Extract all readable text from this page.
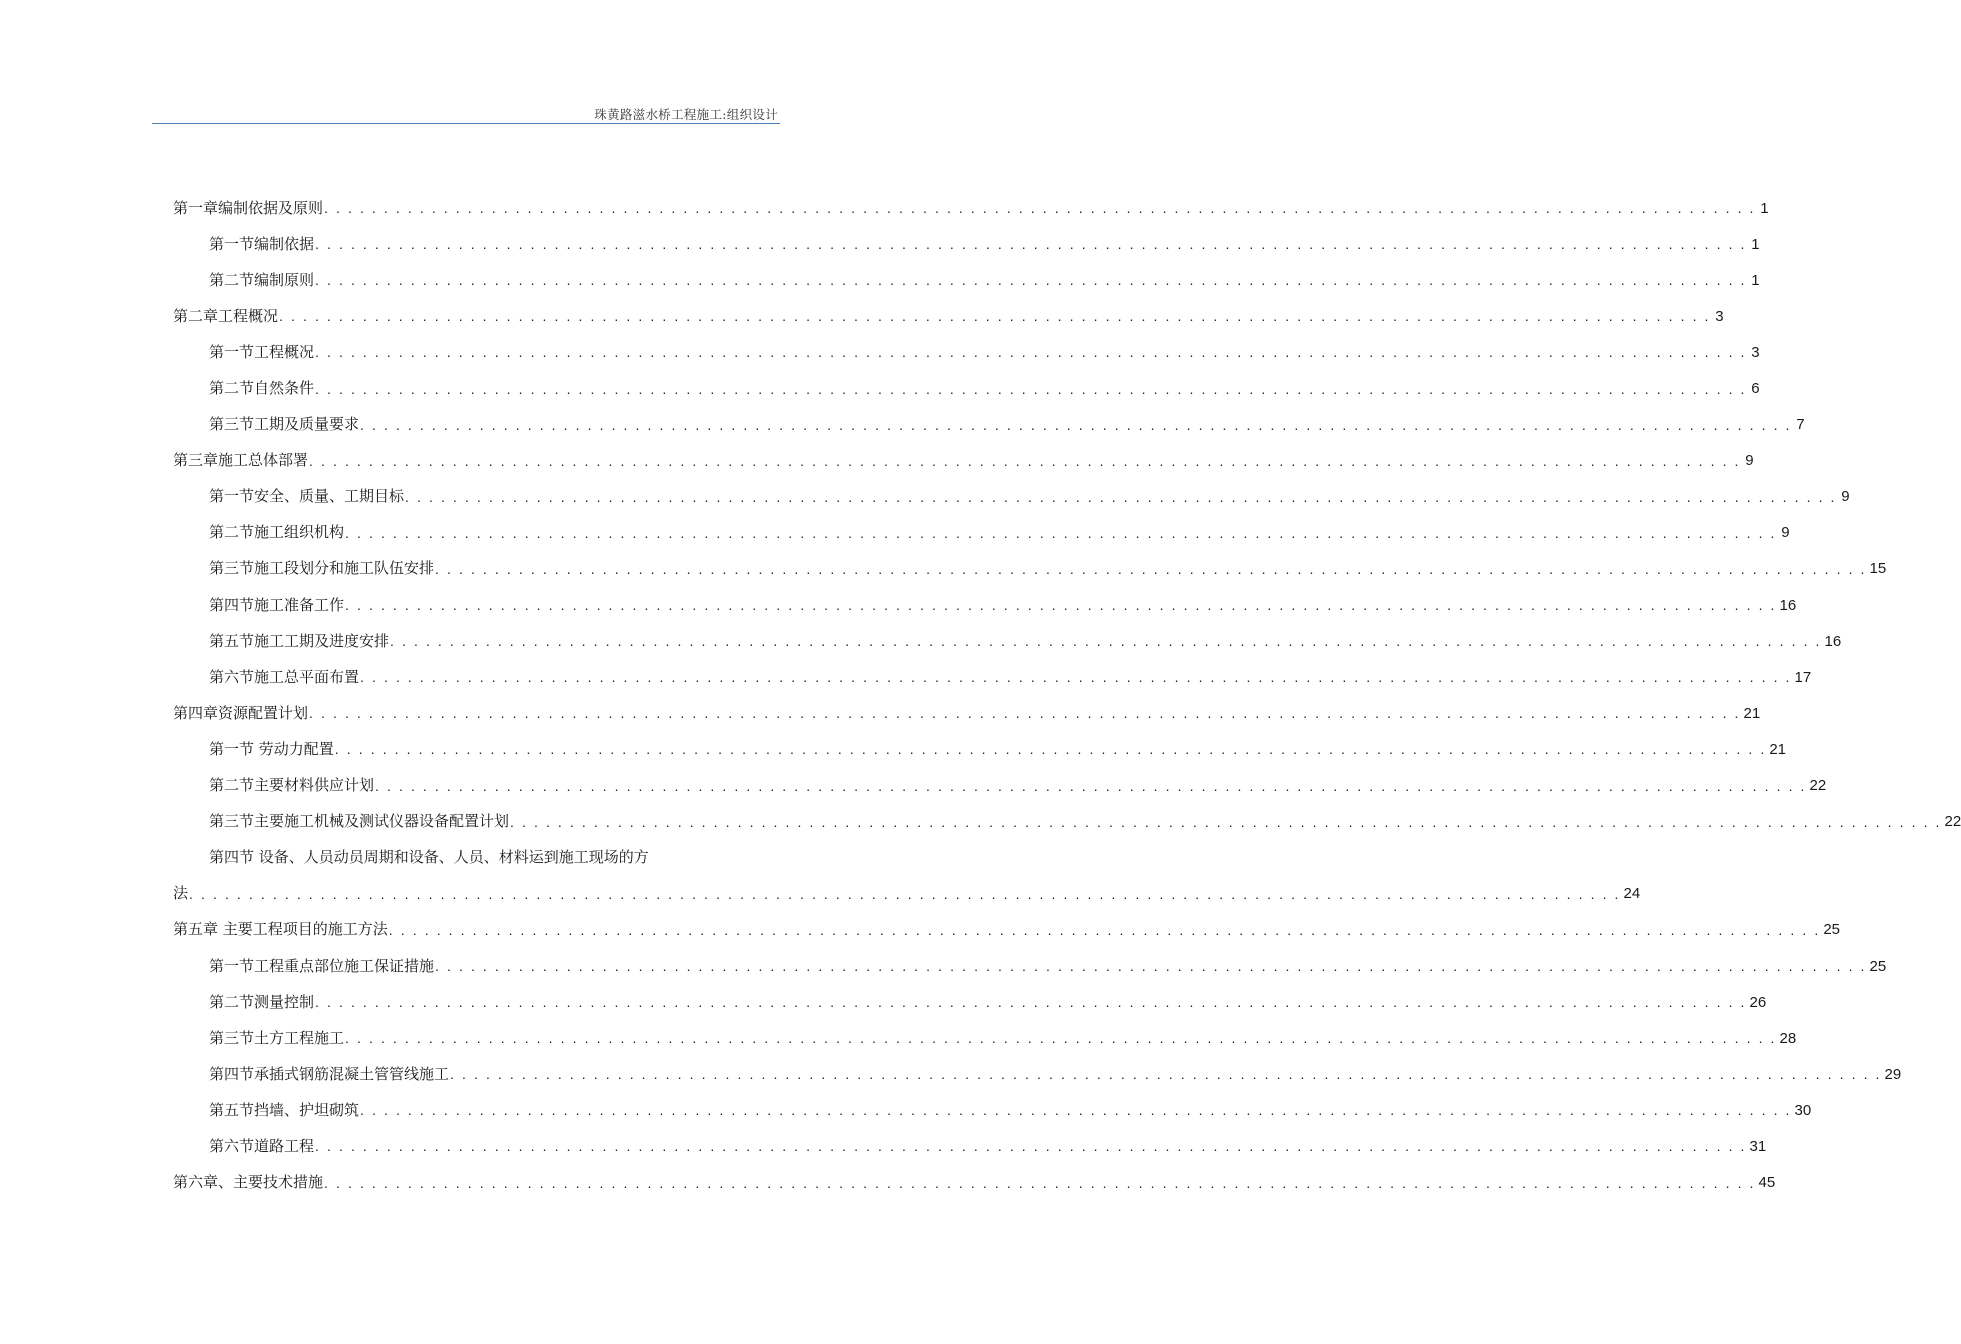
珠黄路滋水桥工程施工:组织设计
第一章编制依据及原则 . . . . . . . . . . . . . . . . . . . . . . . . . . . . . . . . . . . . . . . . . . . . . . . . . . . . . . . . . . . . . . . . . . . . . . . . . . . . . . . . . . . . . . . . . . . . . . . . . . . . . . . . . . . . . . . . . . . . . . . . 1
第一节编制依据 . . . . . . . . . . . . . . . . . . . . . . . . . . . . . . . . . . . . . . . . . . . . . . . . . . . . . . . . . . . . . . . . . . . . . . . . . . . . . . . . . . . . . . . . . . . . . . . . . . . . . . . . . . . . . . . . . . . . . . . . 1
第二节编制原则 . . . . . . . . . . . . . . . . . . . . . . . . . . . . . . . . . . . . . . . . . . . . . . . . . . . . . . . . . . . . . . . . . . . . . . . . . . . . . . . . . . . . . . . . . . . . . . . . . . . . . . . . . . . . . . . . . . . . . . . . 1
第二章工程概况 . . . . . . . . . . . . . . . . . . . . . . . . . . . . . . . . . . . . . . . . . . . . . . . . . . . . . . . . . . . . . . . . . . . . . . . . . . . . . . . . . . . . . . . . . . . . . . . . . . . . . . . . . . . . . . . . . . . . . . . . 3
第一节工程概况 . . . . . . . . . . . . . . . . . . . . . . . . . . . . . . . . . . . . . . . . . . . . . . . . . . . . . . . . . . . . . . . . . . . . . . . . . . . . . . . . . . . . . . . . . . . . . . . . . . . . . . . . . . . . . . . . . . . . . . . . 3
第二节自然条件 . . . . . . . . . . . . . . . . . . . . . . . . . . . . . . . . . . . . . . . . . . . . . . . . . . . . . . . . . . . . . . . . . . . . . . . . . . . . . . . . . . . . . . . . . . . . . . . . . . . . . . . . . . . . . . . . . . . . . . . . 6
第三节工期及质量要求 . . . . . . . . . . . . . . . . . . . . . . . . . . . . . . . . . . . . . . . . . . . . . . . . . . . . . . . . . . . . . . . . . . . . . . . . . . . . . . . . . . . . . . . . . . . . . . . . . . . . . . . . . . . . . . . . . . . . . . . . 7
第三章施工总体部署 . . . . . . . . . . . . . . . . . . . . . . . . . . . . . . . . . . . . . . . . . . . . . . . . . . . . . . . . . . . . . . . . . . . . . . . . . . . . . . . . . . . . . . . . . . . . . . . . . . . . . . . . . . . . . . . . . . . . . . . . 9
第一节安全、质量、工期目标 . . . . . . . . . . . . . . . . . . . . . . . . . . . . . . . . . . . . . . . . . . . . . . . . . . . . . . . . . . . . . . . . . . . . . . . . . . . . . . . . . . . . . . . . . . . . . . . . . . . . . . . . . . . . . . . . . . . . . . . . 9
第二节施工组织机构 . . . . . . . . . . . . . . . . . . . . . . . . . . . . . . . . . . . . . . . . . . . . . . . . . . . . . . . . . . . . . . . . . . . . . . . . . . . . . . . . . . . . . . . . . . . . . . . . . . . . . . . . . . . . . . . . . . . . . . . . 9
第三节施工段划分和施工队伍安排 . . . . . . . . . . . . . . . . . . . . . . . . . . . . . . . . . . . . . . . . . . . . . . . . . . . . . . . . . . . . . . . . . . . . . . . . . . . . . . . . . . . . . . . . . . . . . . . . . . . . . . . . . . . . . . . . . . . . . . . . 15
第四节施工准备工作 . . . . . . . . . . . . . . . . . . . . . . . . . . . . . . . . . . . . . . . . . . . . . . . . . . . . . . . . . . . . . . . . . . . . . . . . . . . . . . . . . . . . . . . . . . . . . . . . . . . . . . . . . . . . . . . . . . . . . . . . 16
第五节施工工期及进度安排 . . . . . . . . . . . . . . . . . . . . . . . . . . . . . . . . . . . . . . . . . . . . . . . . . . . . . . . . . . . . . . . . . . . . . . . . . . . . . . . . . . . . . . . . . . . . . . . . . . . . . . . . . . . . . . . . . . . . . . . . 16
第六节施工总平面布置 . . . . . . . . . . . . . . . . . . . . . . . . . . . . . . . . . . . . . . . . . . . . . . . . . . . . . . . . . . . . . . . . . . . . . . . . . . . . . . . . . . . . . . . . . . . . . . . . . . . . . . . . . . . . . . . . . . . . . . . . 17
第四章资源配置计划 . . . . . . . . . . . . . . . . . . . . . . . . . . . . . . . . . . . . . . . . . . . . . . . . . . . . . . . . . . . . . . . . . . . . . . . . . . . . . . . . . . . . . . . . . . . . . . . . . . . . . . . . . . . . . . . . . . . . . . . . 21
第一节 劳动力配置 . . . . . . . . . . . . . . . . . . . . . . . . . . . . . . . . . . . . . . . . . . . . . . . . . . . . . . . . . . . . . . . . . . . . . . . . . . . . . . . . . . . . . . . . . . . . . . . . . . . . . . . . . . . . . . . . . . . . . . . . 21
第二节主要材料供应计划 . . . . . . . . . . . . . . . . . . . . . . . . . . . . . . . . . . . . . . . . . . . . . . . . . . . . . . . . . . . . . . . . . . . . . . . . . . . . . . . . . . . . . . . . . . . . . . . . . . . . . . . . . . . . . . . . . . . . . . . . 22
第三节主要施工机械及测试仪器设备配置计划 . . . . . . . . . . . . . . . . . . . . . . . . . . . . . . . . . . . . . . . . . . . . . . . . . . . . . . . . . . . . . . . . . . . . . . . . . . . . . . . . . . . . . . . . . . . . . . . . . . . . . . . . . . . . . . . . . . . . . . . . 22
第四节 设备、人员动员周期和设备、人员、材料运到施工现场的方
法 . . . . . . . . . . . . . . . . . . . . . . . . . . . . . . . . . . . . . . . . . . . . . . . . . . . . . . . . . . . . . . . . . . . . . . . . . . . . . . . . . . . . . . . . . . . . . . . . . . . . . . . . . . . . . . . . . . . . . . . . 24
第五章 主要工程项目的施工方法 . . . . . . . . . . . . . . . . . . . . . . . . . . . . . . . . . . . . . . . . . . . . . . . . . . . . . . . . . . . . . . . . . . . . . . . . . . . . . . . . . . . . . . . . . . . . . . . . . . . . . . . . . . . . . . . . . . . . . . . . 25
第一节工程重点部位施工保证措施 . . . . . . . . . . . . . . . . . . . . . . . . . . . . . . . . . . . . . . . . . . . . . . . . . . . . . . . . . . . . . . . . . . . . . . . . . . . . . . . . . . . . . . . . . . . . . . . . . . . . . . . . . . . . . . . . . . . . . . . . 25
第二节测量控制 . . . . . . . . . . . . . . . . . . . . . . . . . . . . . . . . . . . . . . . . . . . . . . . . . . . . . . . . . . . . . . . . . . . . . . . . . . . . . . . . . . . . . . . . . . . . . . . . . . . . . . . . . . . . . . . . . . . . . . . . 26
第三节土方工程施工 . . . . . . . . . . . . . . . . . . . . . . . . . . . . . . . . . . . . . . . . . . . . . . . . . . . . . . . . . . . . . . . . . . . . . . . . . . . . . . . . . . . . . . . . . . . . . . . . . . . . . . . . . . . . . . . . . . . . . . . . 28
第四节承插式钢筋混凝土管管线施工 . . . . . . . . . . . . . . . . . . . . . . . . . . . . . . . . . . . . . . . . . . . . . . . . . . . . . . . . . . . . . . . . . . . . . . . . . . . . . . . . . . . . . . . . . . . . . . . . . . . . . . . . . . . . . . . . . . . . . . . . 29
第五节挡墙、护坦砌筑 . . . . . . . . . . . . . . . . . . . . . . . . . . . . . . . . . . . . . . . . . . . . . . . . . . . . . . . . . . . . . . . . . . . . . . . . . . . . . . . . . . . . . . . . . . . . . . . . . . . . . . . . . . . . . . . . . . . . . . . . 30
第六节道路工程 . . . . . . . . . . . . . . . . . . . . . . . . . . . . . . . . . . . . . . . . . . . . . . . . . . . . . . . . . . . . . . . . . . . . . . . . . . . . . . . . . . . . . . . . . . . . . . . . . . . . . . . . . . . . . . . . . . . . . . . . 31
第六章、主要技术措施 . . . . . . . . . . . . . . . . . . . . . . . . . . . . . . . . . . . . . . . . . . . . . . . . . . . . . . . . . . . . . . . . . . . . . . . . . . . . . . . . . . . . . . . . . . . . . . . . . . . . . . . . . . . . . . . . . . . . . . . . 45
